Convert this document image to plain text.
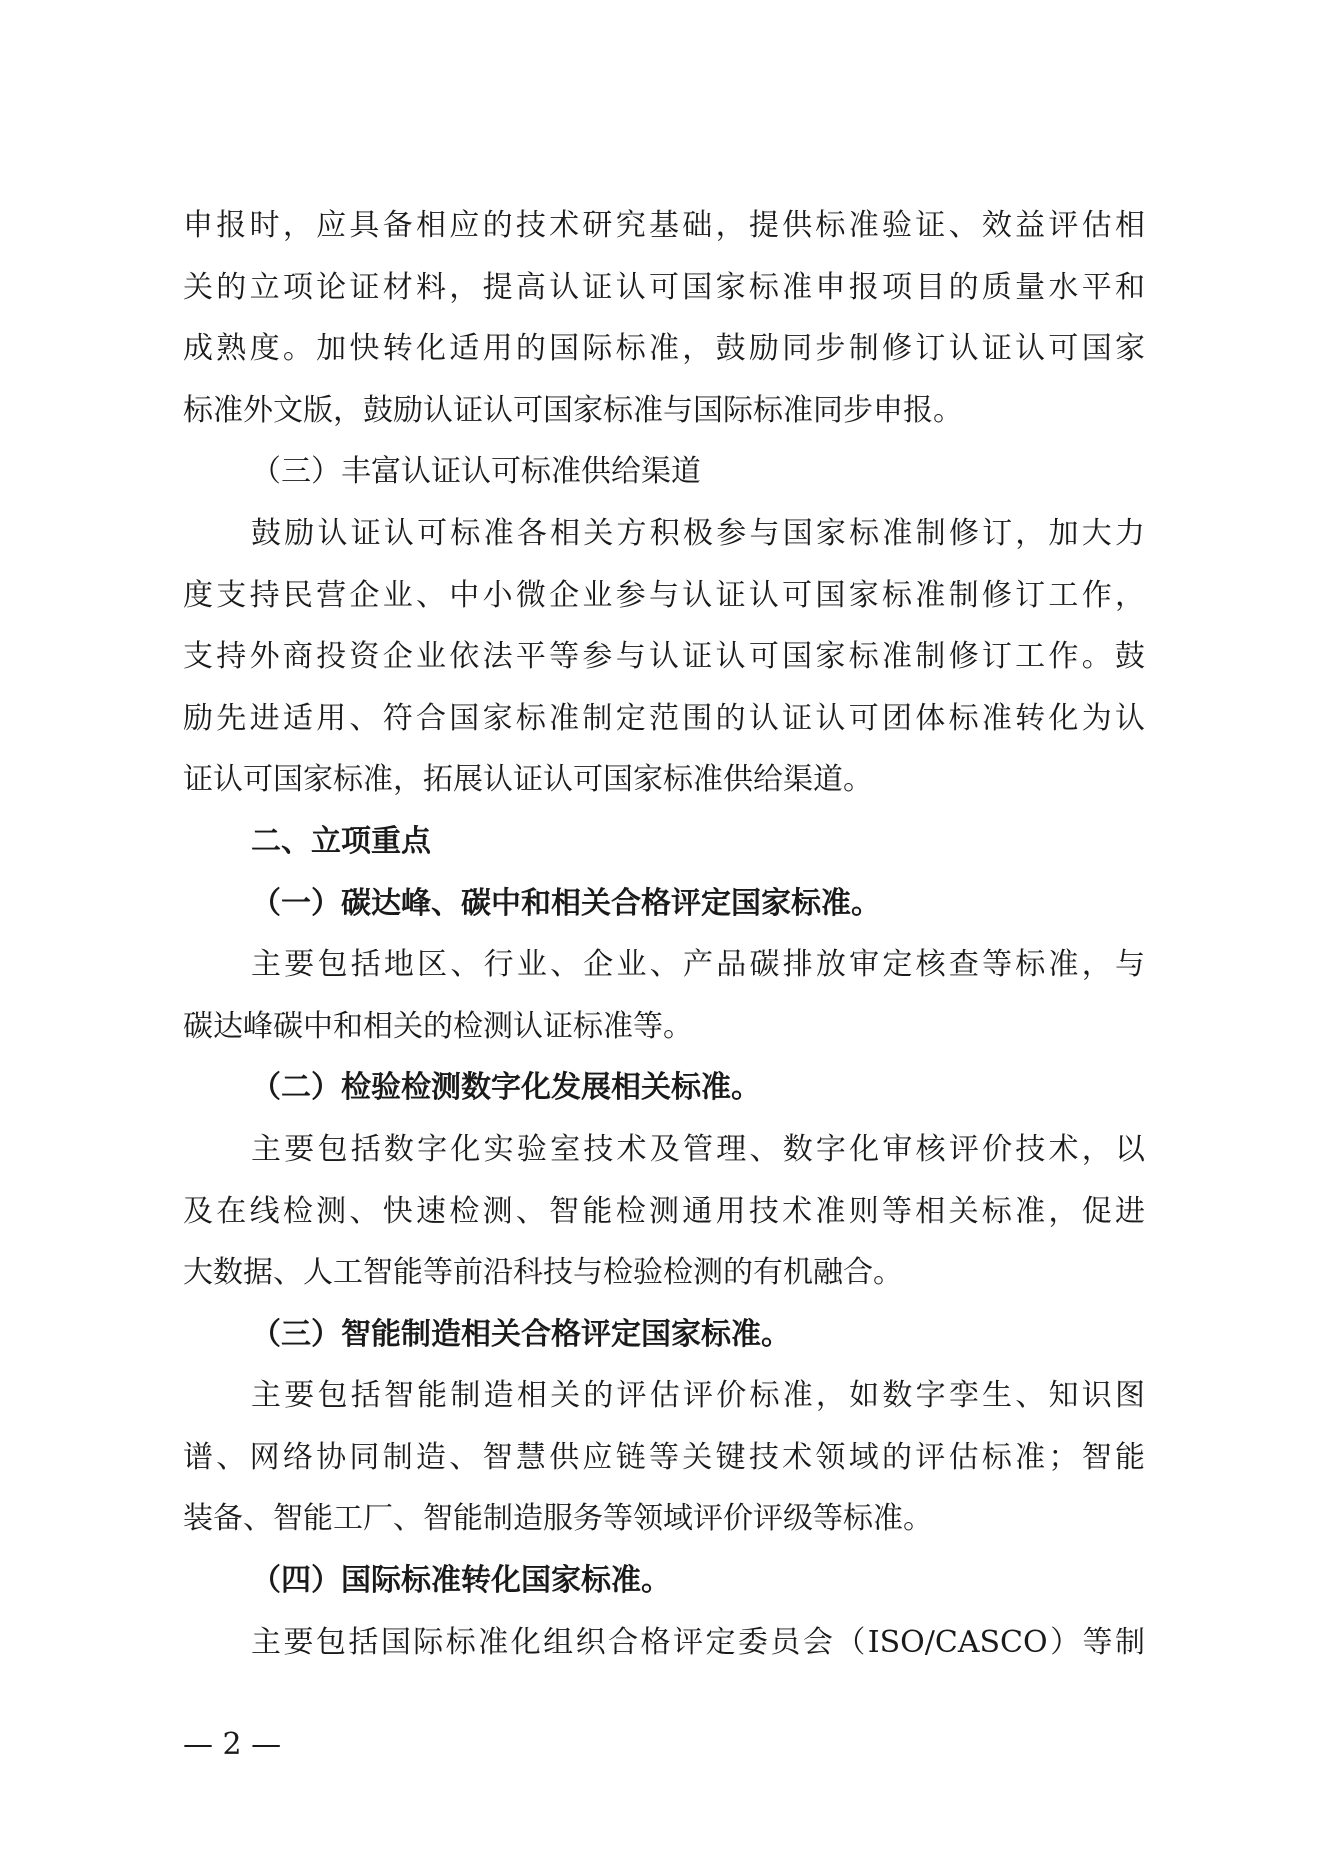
申报时，应具备相应的技术研究基础，提供标准验证、效益评估相
关的立项论证材料，提高认证认可国家标准申报项目的质量水平和
成熟度。加快转化适用的国际标准，鼓励同步制修订认证认可国家
标准外文版，鼓励认证认可国家标准与国际标准同步申报。
（三）丰富认证认可标准供给渠道
鼓励认证认可标准各相关方积极参与国家标准制修订，加大力
度支持民营企业、中小微企业参与认证认可国家标准制修订工作，
支持外商投资企业依法平等参与认证认可国家标准制修订工作。鼓
励先进适用、符合国家标准制定范围的认证认可团体标准转化为认
证认可国家标准，拓展认证认可国家标准供给渠道。
二、立项重点
（一）碳达峰、碳中和相关合格评定国家标准。
主要包括地区、行业、企业、产品碳排放审定核查等标准，与
碳达峰碳中和相关的检测认证标准等。
（二）检验检测数字化发展相关标准。
主要包括数字化实验室技术及管理、数字化审核评价技术，以
及在线检测、快速检测、智能检测通用技术准则等相关标准，促进
大数据、人工智能等前沿科技与检验检测的有机融合。
（三）智能制造相关合格评定国家标准。
主要包括智能制造相关的评估评价标准，如数字孪生、知识图
谱、网络协同制造、智慧供应链等关键技术领域的评估标准；智能
装备、智能工厂、智能制造服务等领域评价评级等标准。
（四）国际标准转化国家标准。
主要包括国际标准化组织合格评定委员会（ISO/CASCO）等制
— 2 —
